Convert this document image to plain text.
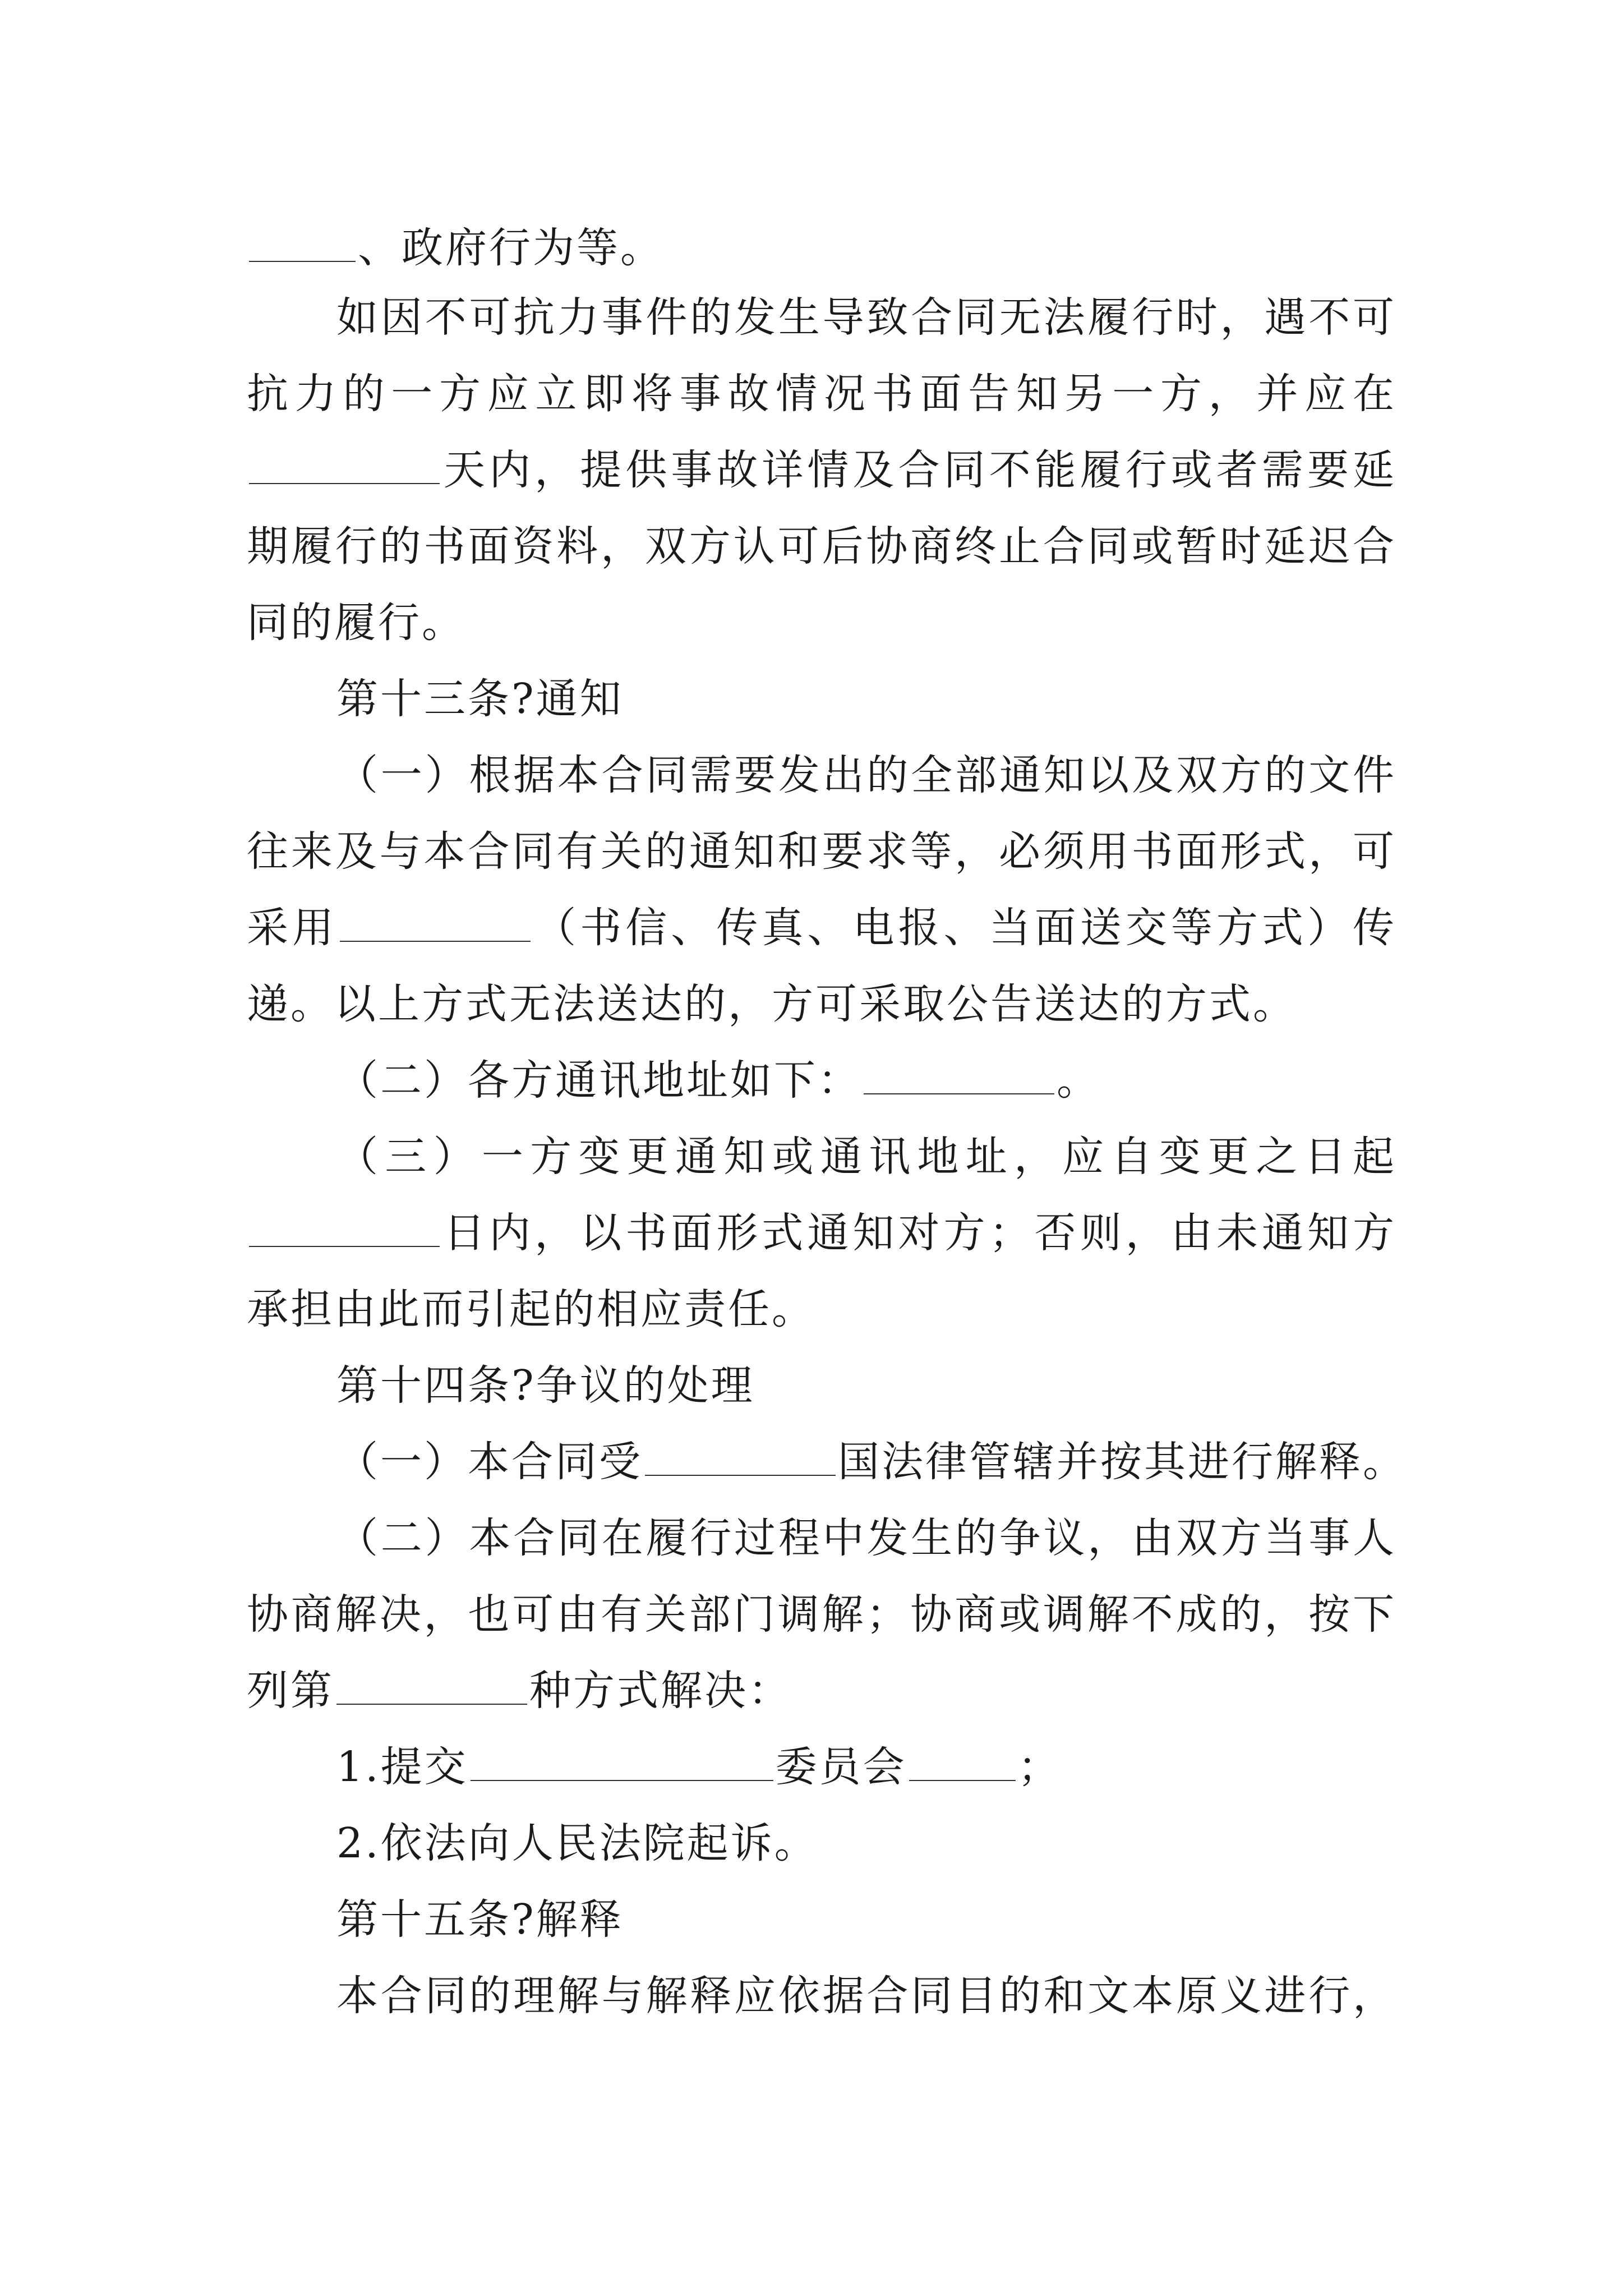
、政府行为等。
如因不可抗力事件的发生导致合同无法履行时，遇不可
抗力的一方应立即将事故情况书面告知另一方，并应在
天内，提供事故详情及合同不能履行或者需要延
期履行的书面资料，双方认可后协商终止合同或暂时延迟合
同的履行。
第十三条?通知
（一）根据本合同需要发出的全部通知以及双方的文件
往来及与本合同有关的通知和要求等，必须用书面形式，可
采用	（书信、传真、电报、当面送交等方式）传
递。以上方式无法送达的，方可采取公告送达的方式。
（二）各方通讯地址如下：	。
（三）一方变更通知或通讯地址，应自变更之日起
日内，以书面形式通知对方；否则，由未通知方
承担由此而引起的相应责任。
第十四条?争议的处理
（一）本合同受	国法律管辖并按其进行解释。
（二）本合同在履行过程中发生的争议，由双方当事人
协商解决，也可由有关部门调解；协商或调解不成的，按下
列第	种方式解决：
1.提交	委员会	；
2.依法向人民法院起诉。
第十五条?解释
本合同的理解与解释应依据合同目的和文本原义进行，
